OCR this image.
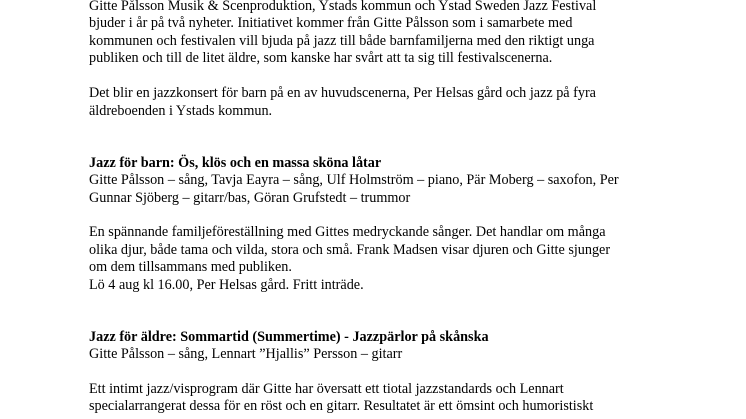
Gitte Pålsson Musik & Scenproduktion, Ystads kommun och Ystad Sweden Jazz Festival
bjuder i år på två nyheter. Initiativet kommer från Gitte Pålsson som i samarbete med
kommunen och festivalen vill bjuda på jazz till både barnfamiljerna med den riktigt unga
publiken och till de litet äldre, som kanske har svårt att ta sig till festivalscenerna.
Det blir en jazzkonsert för barn på en av huvudscenerna, Per Helsas gård och jazz på fyra
äldreboenden i Ystads kommun.
Jazz för barn: Ös, klös och en massa sköna låtar
Gitte Pålsson – sång, Tavja Eayra – sång, Ulf Holmström – piano, Pär Moberg – saxofon, Per
Gunnar Sjöberg – gitarr/bas, Göran Grufstedt – trummor
En spännande familjeföreställning med Gittes medryckande sånger. Det handlar om många
olika djur, både tama och vilda, stora och små. Frank Madsen visar djuren och Gitte sjunger
om dem tillsammans med publiken.
Lö 4 aug kl 16.00, Per Helsas gård. Fritt inträde.
Jazz för äldre: Sommartid (Summertime) - Jazzpärlor på skånska
Gitte Pålsson – sång, Lennart ”Hjallis” Persson – gitarr
Ett intimt jazz/visprogram där Gitte har översatt ett tiotal jazzstandards och Lennart
specialarrangerat dessa för en röst och en gitarr. Resultatet är ett ömsint och humoristiskt
